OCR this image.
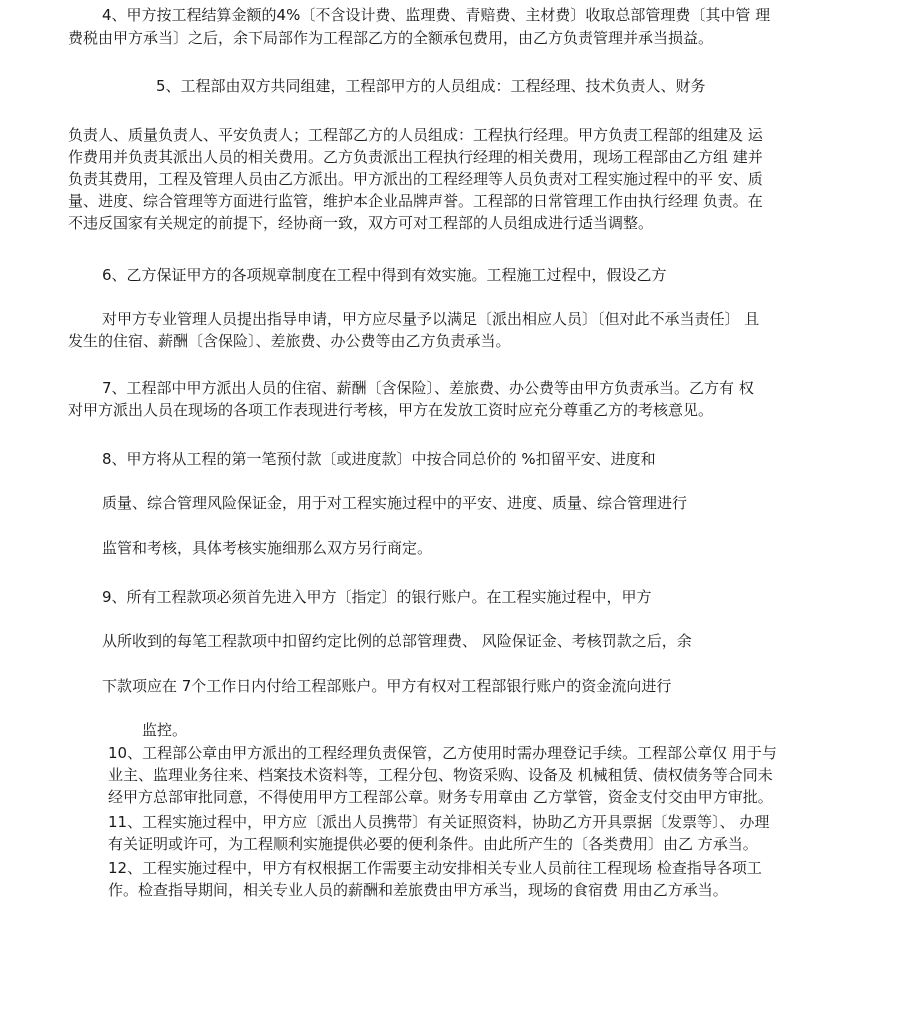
4、甲方按工程结算金额的4%〔不含设计费、监理费、青赔费、主材费〕收取总部管理费〔其中管 理
费税由甲方承当〕之后，余下局部作为工程部乙方的全额承包费用，由乙方负责管理并承当损益。
5、工程部由双方共同组建，工程部甲方的人员组成：工程经理、技术负责人、财务

负责人、质量负责人、平安负责人；工程部乙方的人员组成：工程执行经理。甲方负责工程部的组建及 运

作费用并负责其派出人员的相关费用。乙方负责派出工程执行经理的相关费用，现场工程部由乙方组 建并

负责其费用，工程及管理人员由乙方派出。甲方派出的工程经理等人员负责对工程实施过程中的平 安、质

量、进度、综合管理等方面进行监管，维护本企业品牌声誉。工程部的日常管理工作由执行经理 负责。在

不违反国家有关规定的前提下，经协商一致，双方可对工程部的人员组成进行适当调整。

6、乙方保证甲方的各项规章制度在工程中得到有效实施。工程施工过程中，假设乙方
对甲方专业管理人员提出指导申请，甲方应尽量予以满足〔派出相应人员〕〔但对此不承当责任〕 且
发生的住宿、薪酬〔含保险〕、差旅费、办公费等由乙方负责承当。
7、工程部中甲方派出人员的住宿、薪酬〔含保险〕、差旅费、办公费等由甲方负责承当。乙方有 权
对甲方派出人员在现场的各项工作表现进行考核，甲方在发放工资时应充分尊重乙方的考核意见。
8、甲方将从工程的第一笔预付款〔或进度款〕中按合同总价的 %扣留平安、进度和
质量、综合管理风险保证金，用于对工程实施过程中的平安、进度、质量、综合管理进行
监管和考核，具体考核实施细那么双方另行商定。
9、所有工程款项必须首先进入甲方〔指定〕的银行账户。在工程实施过程中，甲方
从所收到的每笔工程款项中扣留约定比例的总部管理费、 风险保证金、考核罚款之后，余
下款项应在 7个工作日内付给工程部账户。甲方有权对工程部银行账户的资金流向进行
监控。

10、工程部公章由甲方派出的工程经理负责保管，乙方使用时需办理登记手续。工程部公章仅 用于与

业主、监理业务往来、档案技术资料等，工程分包、物资采购、设备及 机械租赁、债权债务等合同未

经甲方总部审批同意，不得使用甲方工程部公章。财务专用章由 乙方掌管，资金支付交由甲方审批。

11、工程实施过程中，甲方应〔派出人员携带〕有关证照资料，协助乙方开具票据〔发票等〕、 办理

有关证明或许可，为工程顺利实施提供必要的便利条件。由此所产生的〔各类费用〕由乙 方承当。

12、工程实施过程中，甲方有权根据工作需要主动安排相关专业人员前往工程现场 检查指导各项工

作。检查指导期间，相关专业人员的薪酬和差旅费由甲方承当，现场的食宿费 用由乙方承当。
